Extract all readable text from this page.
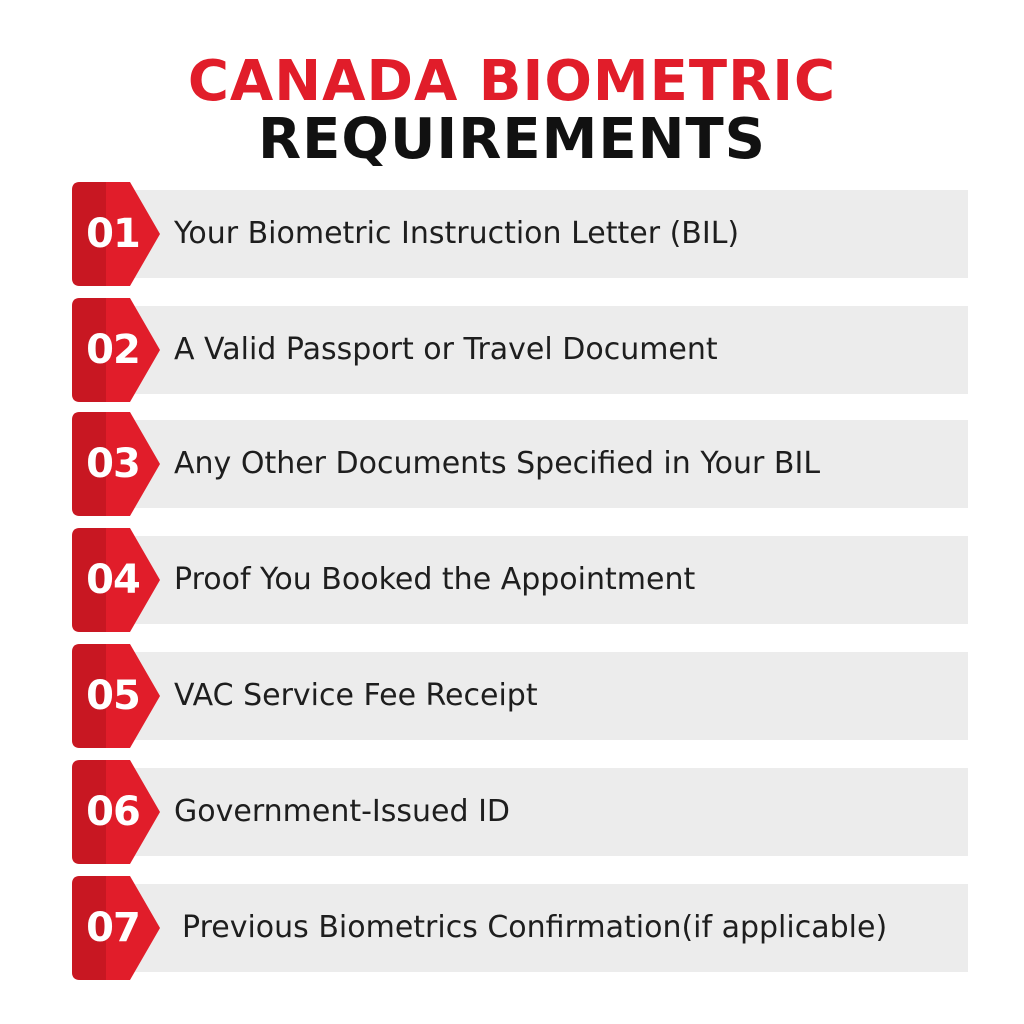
CANADA BIOMETRIC
REQUIREMENTS
01	Your Biometric Instruction Letter (BIL)
02	A Valid Passport or Travel Document
03	Any Other Documents Specified in Your BIL
04	Proof You Booked the Appointment
05	VAC Service Fee Receipt
06	Government-Issued ID
07	Previous Biometrics Confirmation(if applicable)
